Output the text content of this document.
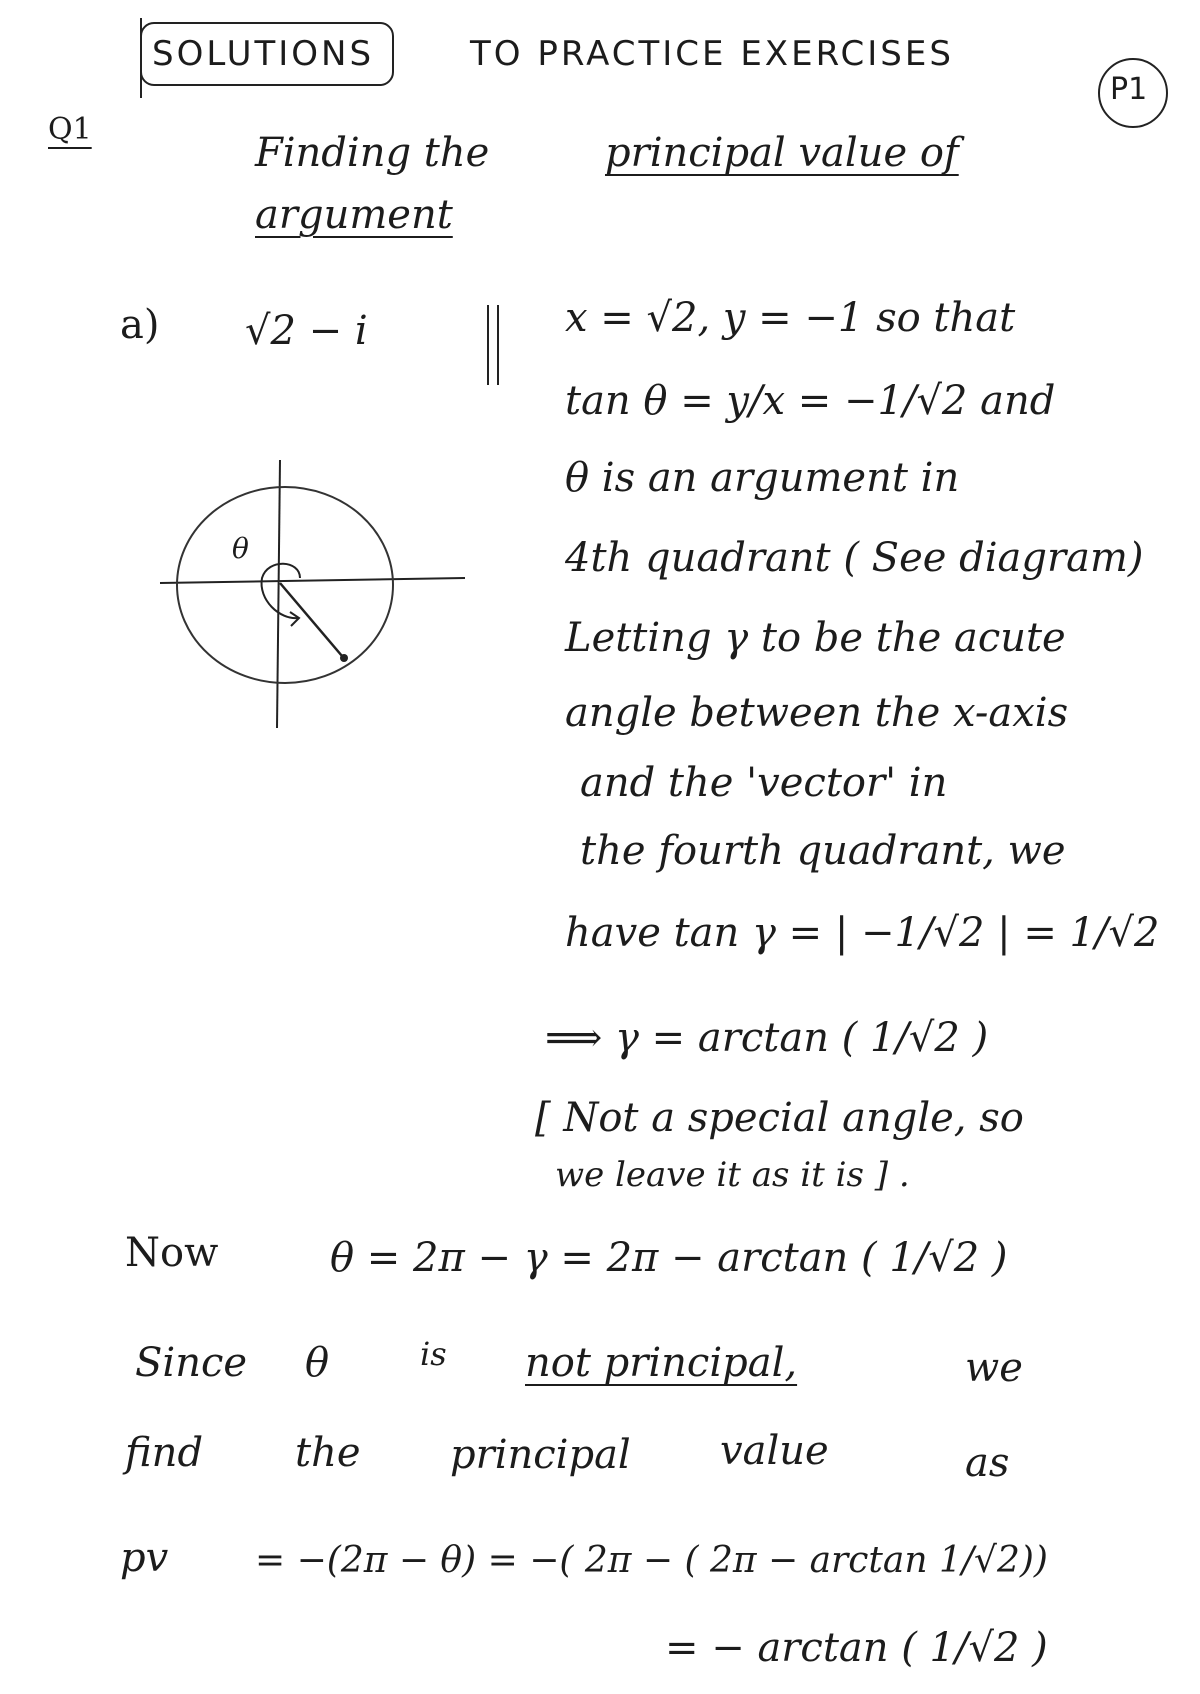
SOLUTIONS	TO PRACTICE EXERCISES
P1
Q1
Finding the	principal value of
argument
a) √2 − i	x = √2, y = −1 so that
tan θ = y/x = −1/√2 and
θ is an argument in
4th quadrant ( See diagram)
Letting γ to be the acute
angle between the x-axis
and the 'vector' in
the fourth quadrant, we
have tan γ = | −1/√2 | = 1/√2
⟹ γ = arctan ( 1/√2 )
[ Not a special angle, so
we leave it as it is ] .
θ
Now	θ = 2π − γ = 2π − arctan ( 1/√2 )
Since θ	is not principal,	we
find the principal value	as
pv = −(2π − θ) = −( 2π − ( 2π − arctan 1/√2))
= − arctan ( 1/√2 )
